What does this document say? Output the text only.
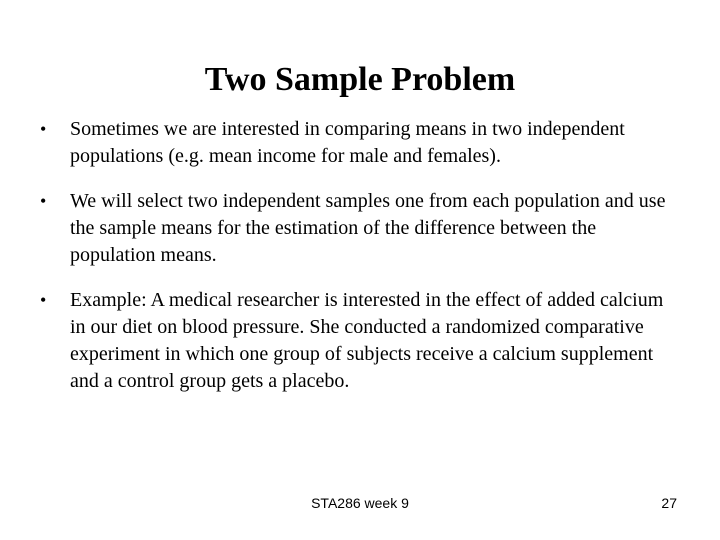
Two Sample Problem
•	Sometimes we are interested in comparing means in two independent populations (e.g. mean income for male and females).
•	We will select two independent samples one from each population and use the sample means for the estimation of the difference between the population means.
•	Example: A medical researcher is interested in the effect of added calcium in our diet on blood pressure. She conducted a randomized comparative experiment in which one group of subjects receive a calcium supplement and a control group gets a placebo.
STA286 week 9	27
